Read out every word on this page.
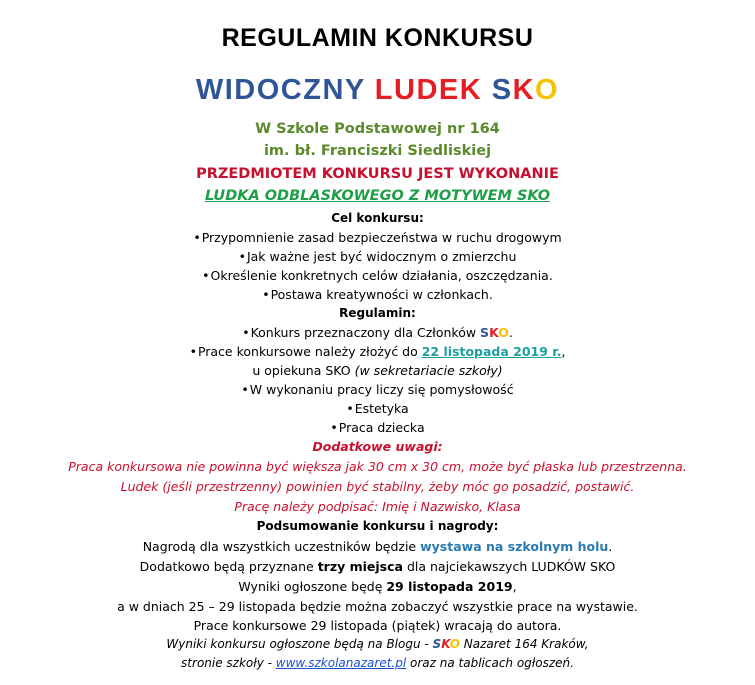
REGULAMIN KONKURSU
WIDOCZNY LUDEK SKO
W Szkole Podstawowej nr 164
im. bł. Franciszki Siedliskiej
PRZEDMIOTEM KONKURSU JEST WYKONANIE
LUDKA ODBLASKOWEGO Z MOTYWEM SKO
Cel konkursu:
•Przypomnienie zasad bezpieczeństwa w ruchu drogowym
•Jak ważne jest być widocznym o zmierzchu
•Określenie konkretnych celów działania, oszczędzania.
•Postawa kreatywności w członkach.
Regulamin:
•Konkurs przeznaczony dla Członków SKO.
•Prace konkursowe należy złożyć do 22 listopada 2019 r.,
u opiekuna SKO (w sekretariacie szkoły)
•W wykonaniu pracy liczy się pomysłowość
•Estetyka
•Praca dziecka
Dodatkowe uwagi:
Praca konkursowa nie powinna być większa jak 30 cm x 30 cm, może być płaska lub przestrzenna.
Ludek (jeśli przestrzenny) powinien być stabilny, żeby móc go posadzić, postawić.
Pracę należy podpisać: Imię i Nazwisko, Klasa
Podsumowanie konkursu i nagrody:
Nagrodą dla wszystkich uczestników będzie wystawa na szkolnym holu.
Dodatkowo będą przyznane trzy miejsca dla najciekawszych LUDKÓW SKO
Wyniki ogłoszone będę 29 listopada 2019,
a w dniach 25 – 29 listopada będzie można zobaczyć wszystkie prace na wystawie.
Prace konkursowe 29 listopada (piątek) wracają do autora.
Wyniki konkursu ogłoszone będą na Blogu - SKO Nazaret 164 Kraków,
stronie szkoły - www.szkolanazaret.pl oraz na tablicach ogłoszeń.
